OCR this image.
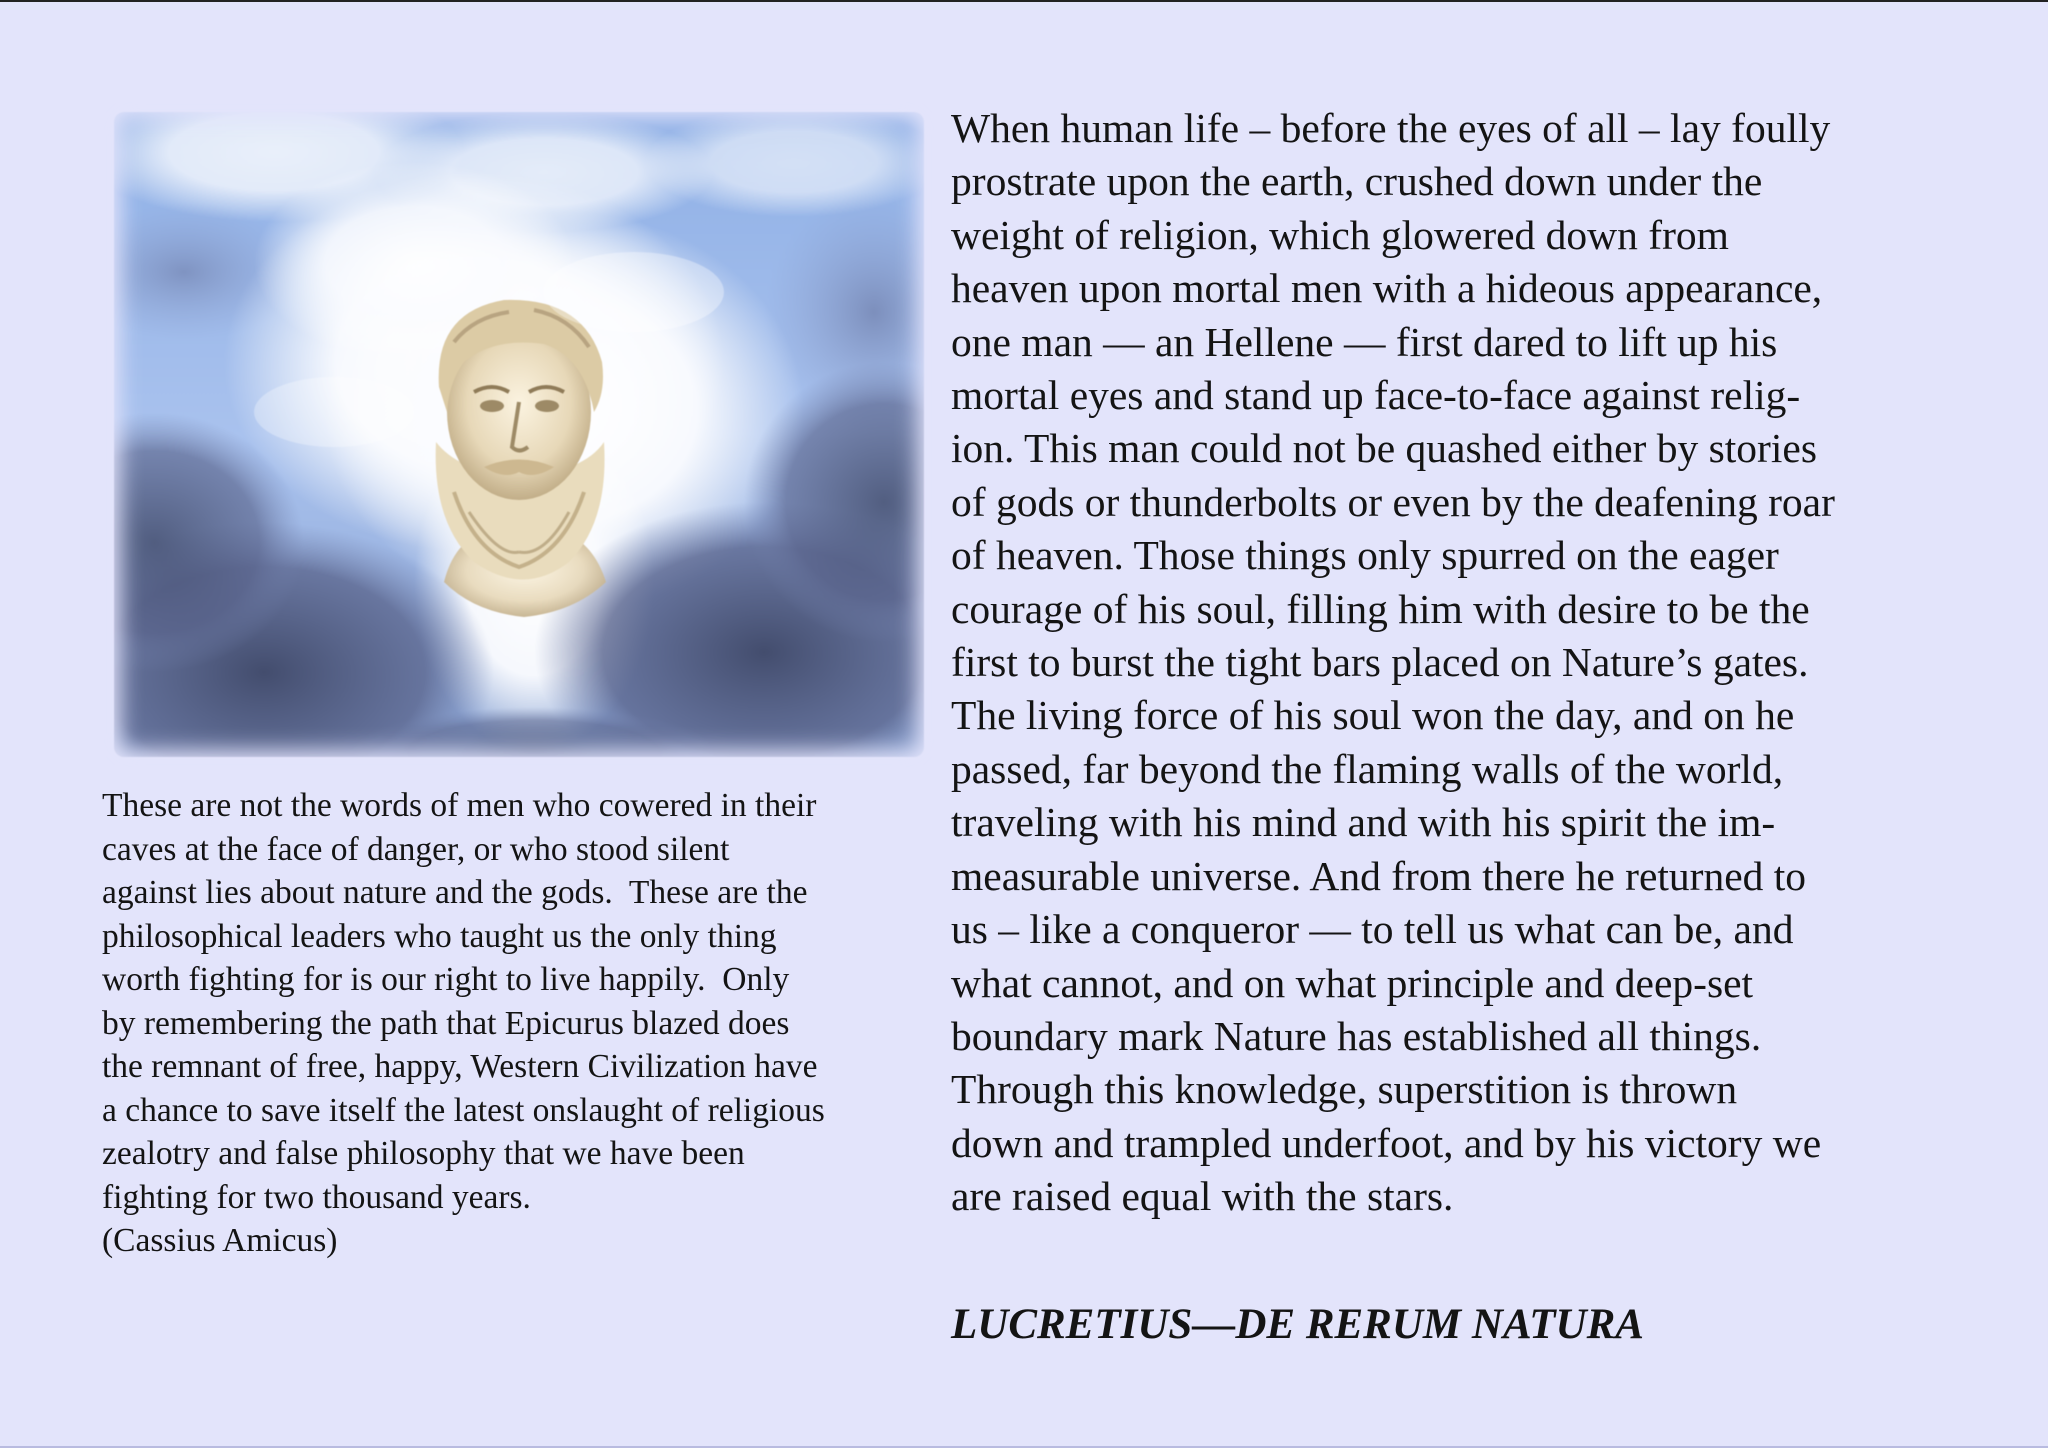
These are not the words of men who cowered in their
caves at the face of danger, or who stood silent
against lies about nature and the gods.  These are the
philosophical leaders who taught us the only thing
worth fighting for is our right to live happily.  Only
by remembering the path that Epicurus blazed does
the remnant of free, happy, Western Civilization have
a chance to save itself the latest onslaught of religious
zealotry and false philosophy that we have been
fighting for two thousand years.
(Cassius Amicus)
When human life – before the eyes of all – lay foully
prostrate upon the earth, crushed down under the
weight of religion, which glowered down from
heaven upon mortal men with a hideous appearance,
one man — an Hellene — first dared to lift up his
mortal eyes and stand up face-to-face against relig-
ion. This man could not be quashed either by stories
of gods or thunderbolts or even by the deafening roar
of heaven. Those things only spurred on the eager
courage of his soul, filling him with desire to be the
first to burst the tight bars placed on Nature’s gates.
The living force of his soul won the day, and on he
passed, far beyond the flaming walls of the world,
traveling with his mind and with his spirit the im-
measurable universe. And from there he returned to
us – like a conqueror — to tell us what can be, and
what cannot, and on what principle and deep-set
boundary mark Nature has established all things.
Through this knowledge, superstition is thrown
down and trampled underfoot, and by his victory we
are raised equal with the stars.
LUCRETIUS—DE RERUM NATURA
